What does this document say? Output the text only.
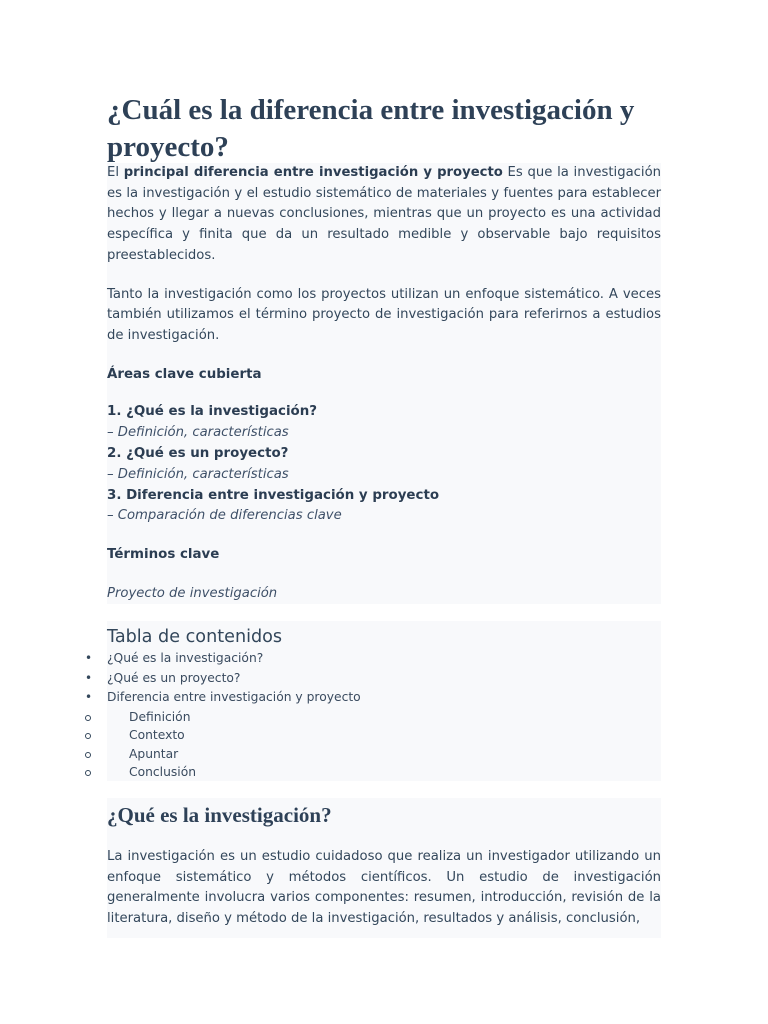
¿Cuál es la diferencia entre investigación y proyecto?

El principal diferencia entre investigación y proyecto Es que la investigación es la investigación y el estudio sistemático de materiales y fuentes para establecer hechos y llegar a nuevas conclusiones, mientras que un proyecto es una actividad específica y finita que da un resultado medible y observable bajo requisitos preestablecidos.

Tanto la investigación como los proyectos utilizan un enfoque sistemático. A veces también utilizamos el término proyecto de investigación para referirnos a estudios de investigación.

Áreas clave cubierta

1. ¿Qué es la investigación?
– Definición, características
2. ¿Qué es un proyecto?
– Definición, características
3. Diferencia entre investigación y proyecto
– Comparación de diferencias clave

Términos clave

Proyecto de investigación
Tabla de contenidos
• ¿Qué es la investigación?
• ¿Qué es un proyecto?
• Diferencia entre investigación y proyecto
Definición
Contexto
Apuntar
Conclusión
¿Qué es la investigación?

La investigación es un estudio cuidadoso que realiza un investigador utilizando un enfoque sistemático y métodos científicos. Un estudio de investigación generalmente involucra varios componentes: resumen, introducción, revisión de la literatura, diseño y método de la investigación, resultados y análisis, conclusión,
